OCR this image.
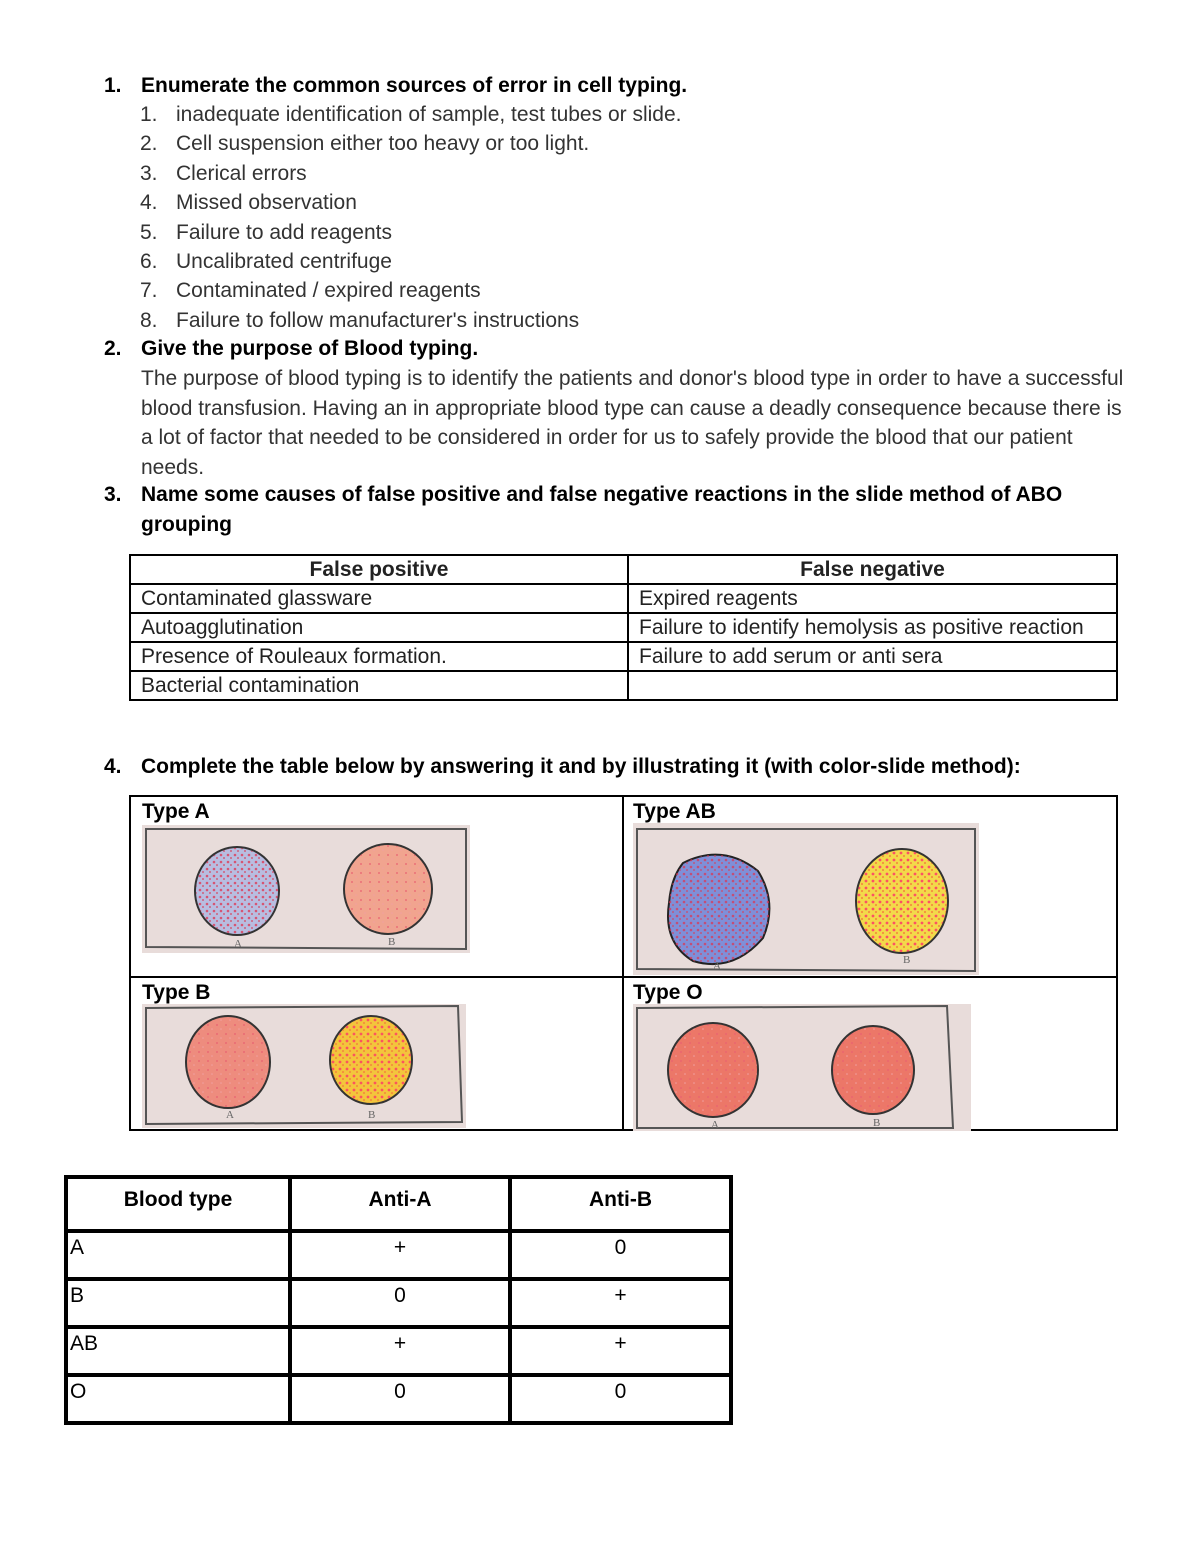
1. Enumerate the common sources of error in cell typing.
1. inadequate identification of sample, test tubes or slide.
2. Cell suspension either too heavy or too light.
3. Clerical errors
4. Missed observation
5. Failure to add reagents
6. Uncalibrated centrifuge
7. Contaminated / expired reagents
8. Failure to follow manufacturer's instructions
2. Give the purpose of Blood typing.
The purpose of blood typing is to identify the patients and donor's blood type in order to have a successful blood transfusion. Having an in appropriate blood type can cause a deadly consequence because there is a lot of factor that needed to be considered in order for us to safely provide the blood that our patient needs.
3. Name some causes of false positive and false negative reactions in the slide method of ABO grouping
False positive	False negative
Contaminated glassware	Expired reagents
Autoagglutination	Failure to identify hemolysis as positive reaction
Presence of Rouleaux formation.	Failure to add serum or anti sera
Bacterial contamination	
4. Complete the table below by answering it and by illustrating it (with color-slide method):
Type A
A	B
Type AB
A	B
Type B
A	B
Type O
A	B
Blood type	Anti-A	Anti-B
A	+	0
B	0	+
AB	+	+
O	0	0
